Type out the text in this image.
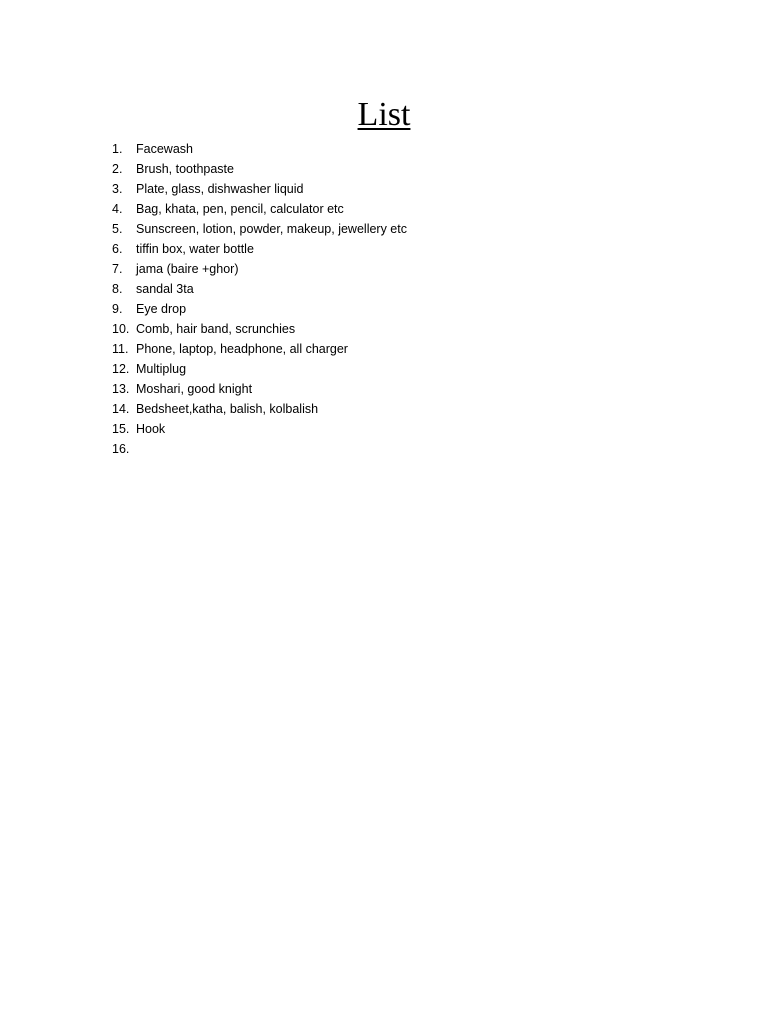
List
1.	Facewash
2.	Brush, toothpaste
3.	Plate, glass, dishwasher liquid
4.	Bag, khata, pen, pencil, calculator etc
5.	Sunscreen, lotion, powder, makeup, jewellery etc
6.	tiffin box, water bottle
7.	jama (baire +ghor)
8.	sandal 3ta
9.	Eye drop
10. Comb, hair band, scrunchies
11. Phone, laptop, headphone, all charger
12. Multiplug
13. Moshari, good knight
14. Bedsheet,katha, balish, kolbalish
15. Hook
16.
